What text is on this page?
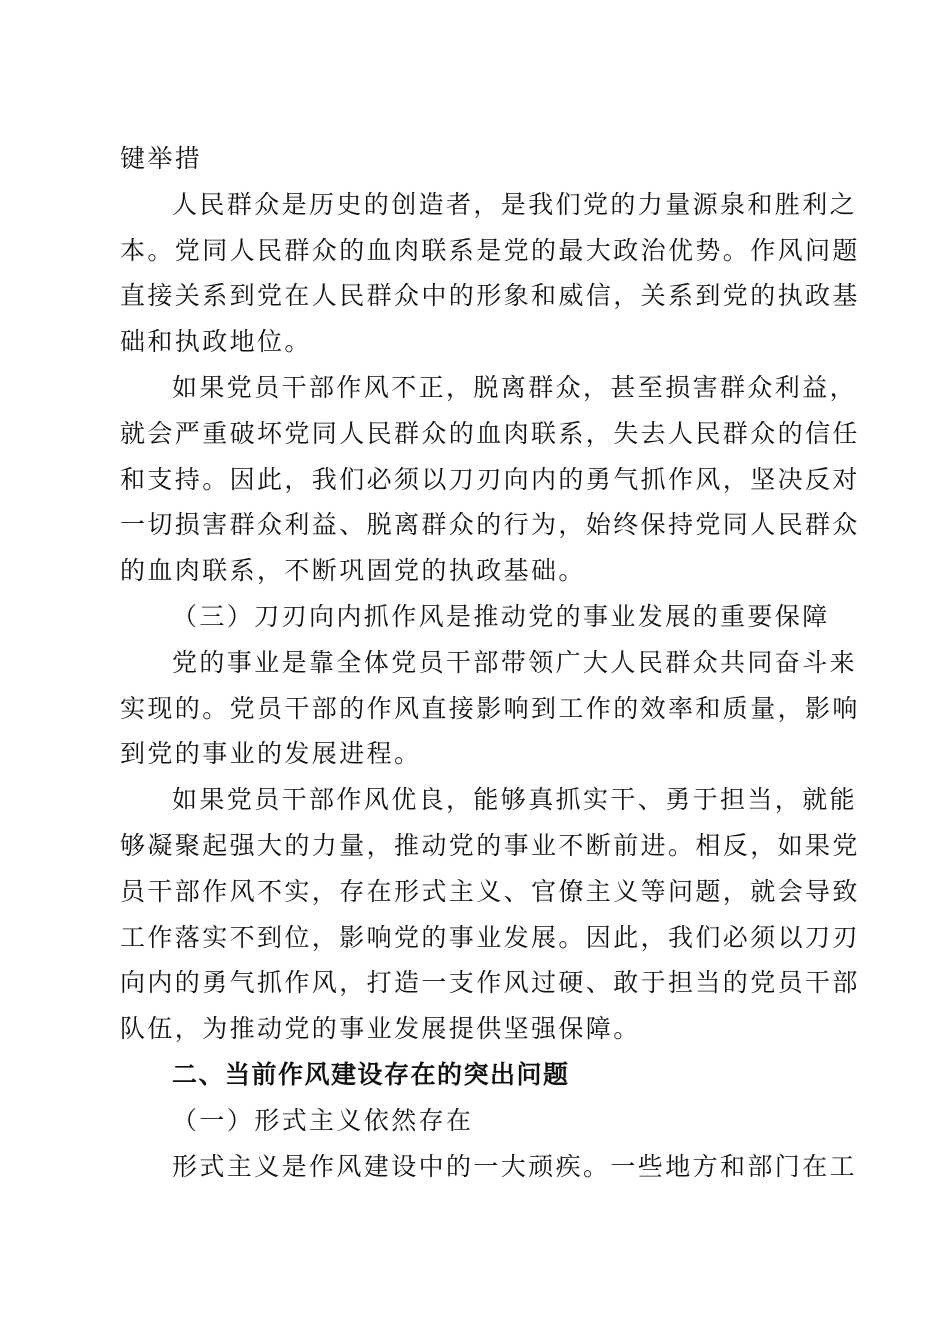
键举措
人民群众是历史的创造者，是我们党的力量源泉和胜利之
本。党同人民群众的血肉联系是党的最大政治优势。作风问题
直接关系到党在人民群众中的形象和威信，关系到党的执政基
础和执政地位。
如果党员干部作风不正，脱离群众，甚至损害群众利益，
就会严重破坏党同人民群众的血肉联系，失去人民群众的信任
和支持。因此，我们必须以刀刃向内的勇气抓作风，坚决反对
一切损害群众利益、脱离群众的行为，始终保持党同人民群众
的血肉联系，不断巩固党的执政基础。
（三）刀刃向内抓作风是推动党的事业发展的重要保障
党的事业是靠全体党员干部带领广大人民群众共同奋斗来
实现的。党员干部的作风直接影响到工作的效率和质量，影响
到党的事业的发展进程。
如果党员干部作风优良，能够真抓实干、勇于担当，就能
够凝聚起强大的力量，推动党的事业不断前进。相反，如果党
员干部作风不实，存在形式主义、官僚主义等问题，就会导致
工作落实不到位，影响党的事业发展。因此，我们必须以刀刃
向内的勇气抓作风，打造一支作风过硬、敢于担当的党员干部
队伍，为推动党的事业发展提供坚强保障。
二、当前作风建设存在的突出问题
（一）形式主义依然存在
形式主义是作风建设中的一大顽疾。一些地方和部门在工
